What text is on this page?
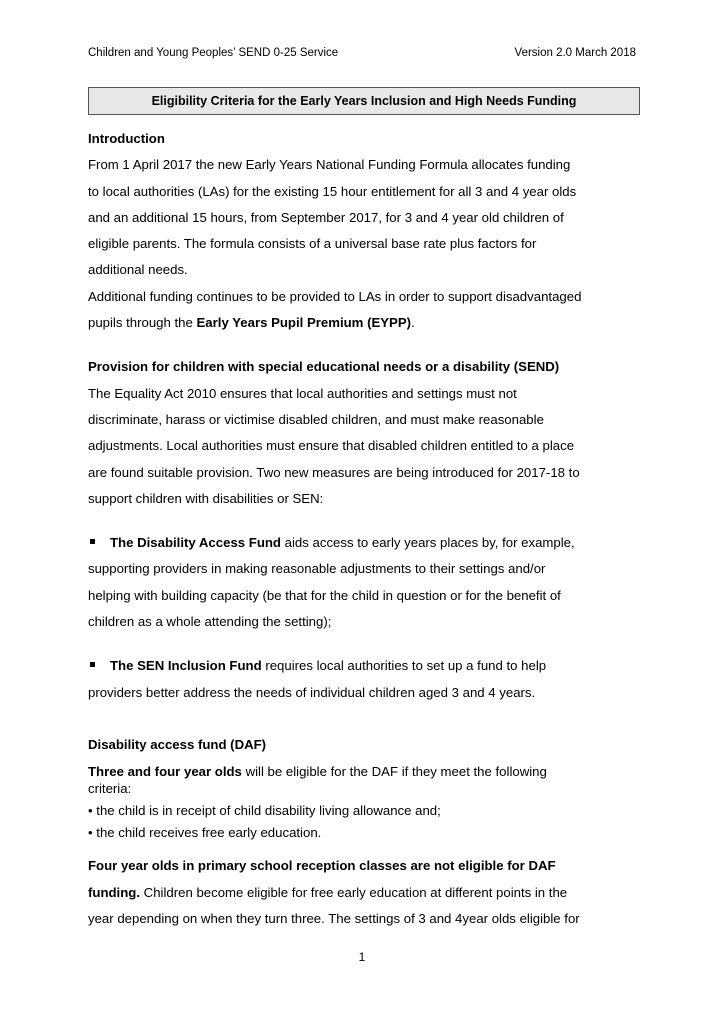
Children and Young Peoples’ SEND 0-25 Service	Version 2.0 March 2018
Eligibility Criteria for the Early Years Inclusion and High Needs Funding

Introduction

From 1 April 2017 the new Early Years National Funding Formula allocates funding

to local authorities (LAs) for the existing 15 hour entitlement for all 3 and 4 year olds

and an additional 15 hours, from September 2017, for 3 and 4 year old children of

eligible parents. The formula consists of a universal base rate plus factors for

additional needs.

Additional funding continues to be provided to LAs in order to support disadvantaged

pupils through the Early Years Pupil Premium (EYPP).

Provision for children with special educational needs or a disability (SEND)

The Equality Act 2010 ensures that local authorities and settings must not

discriminate, harass or victimise disabled children, and must make reasonable

adjustments. Local authorities must ensure that disabled children entitled to a place

are found suitable provision. Two new measures are being introduced for 2017-18 to

support children with disabilities or SEN:

The Disability Access Fund aids access to early years places by, for example,

supporting providers in making reasonable adjustments to their settings and/or

helping with building capacity (be that for the child in question or for the benefit of

children as a whole attending the setting);

The SEN Inclusion Fund requires local authorities to set up a fund to help

providers better address the needs of individual children aged 3 and 4 years.

Disability access fund (DAF)

Three and four year olds will be eligible for the DAF if they meet the following

criteria:

• the child is in receipt of child disability living allowance and;

• the child receives free early education.

Four year olds in primary school reception classes are not eligible for DAF

funding. Children become eligible for free early education at different points in the

year depending on when they turn three. The settings of 3 and 4year olds eligible for

1
